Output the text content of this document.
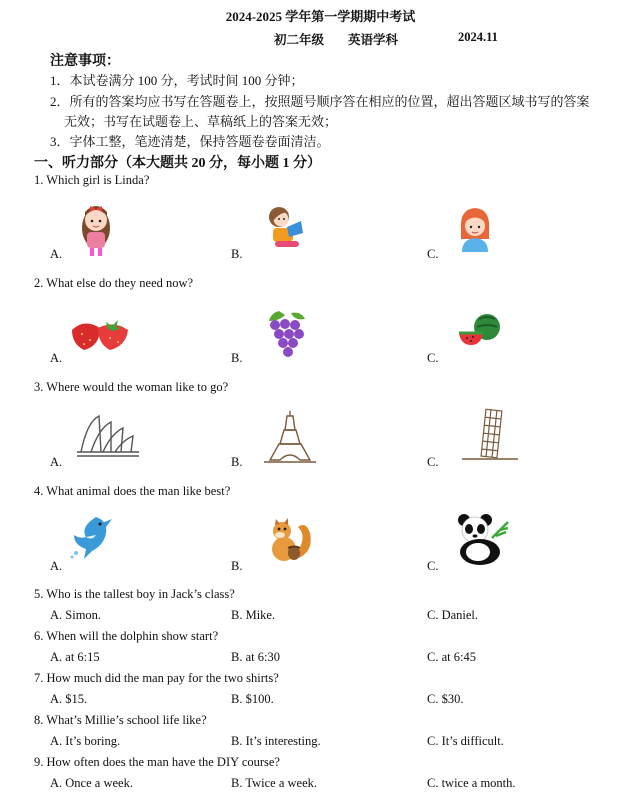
2024-2025 学年第一学期期中考试
初二年级 英语学科	2024.11
注意事项：
1．本试卷满分 100 分，考试时间 100 分钟；
2．所有的答案均应书写在答题卷上，按照题号顺序答在相应的位置，超出答题区域书写的答案
无效；书写在试题卷上、草稿纸上的答案无效；
3．字体工整，笔迹清楚，保持答题卷卷面清洁。
一、听力部分（本大题共 20 分，每小题 1 分）
1. Which girl is Linda?
A.	B.	C.
2. What else do they need now?
A.	B.	C.
3. Where would the woman like to go?
A.	B.	C.
4. What animal does the man like best?
A.	B.	C.
5. Who is the tallest boy in Jack’s class?
A. Simon.	B. Mike.	C. Daniel.
6. When will the dolphin show start?
A. at 6:15	B. at 6:30	C. at 6:45
7. How much did the man pay for the two shirts?
A. $15.	B. $100.	C. $30.
8. What’s Millie’s school life like?
A. It’s boring.	B. It’s interesting.	C. It’s difficult.
9. How often does the man have the DIY course?
A. Once a week.	B. Twice a week.	C. twice a month.
